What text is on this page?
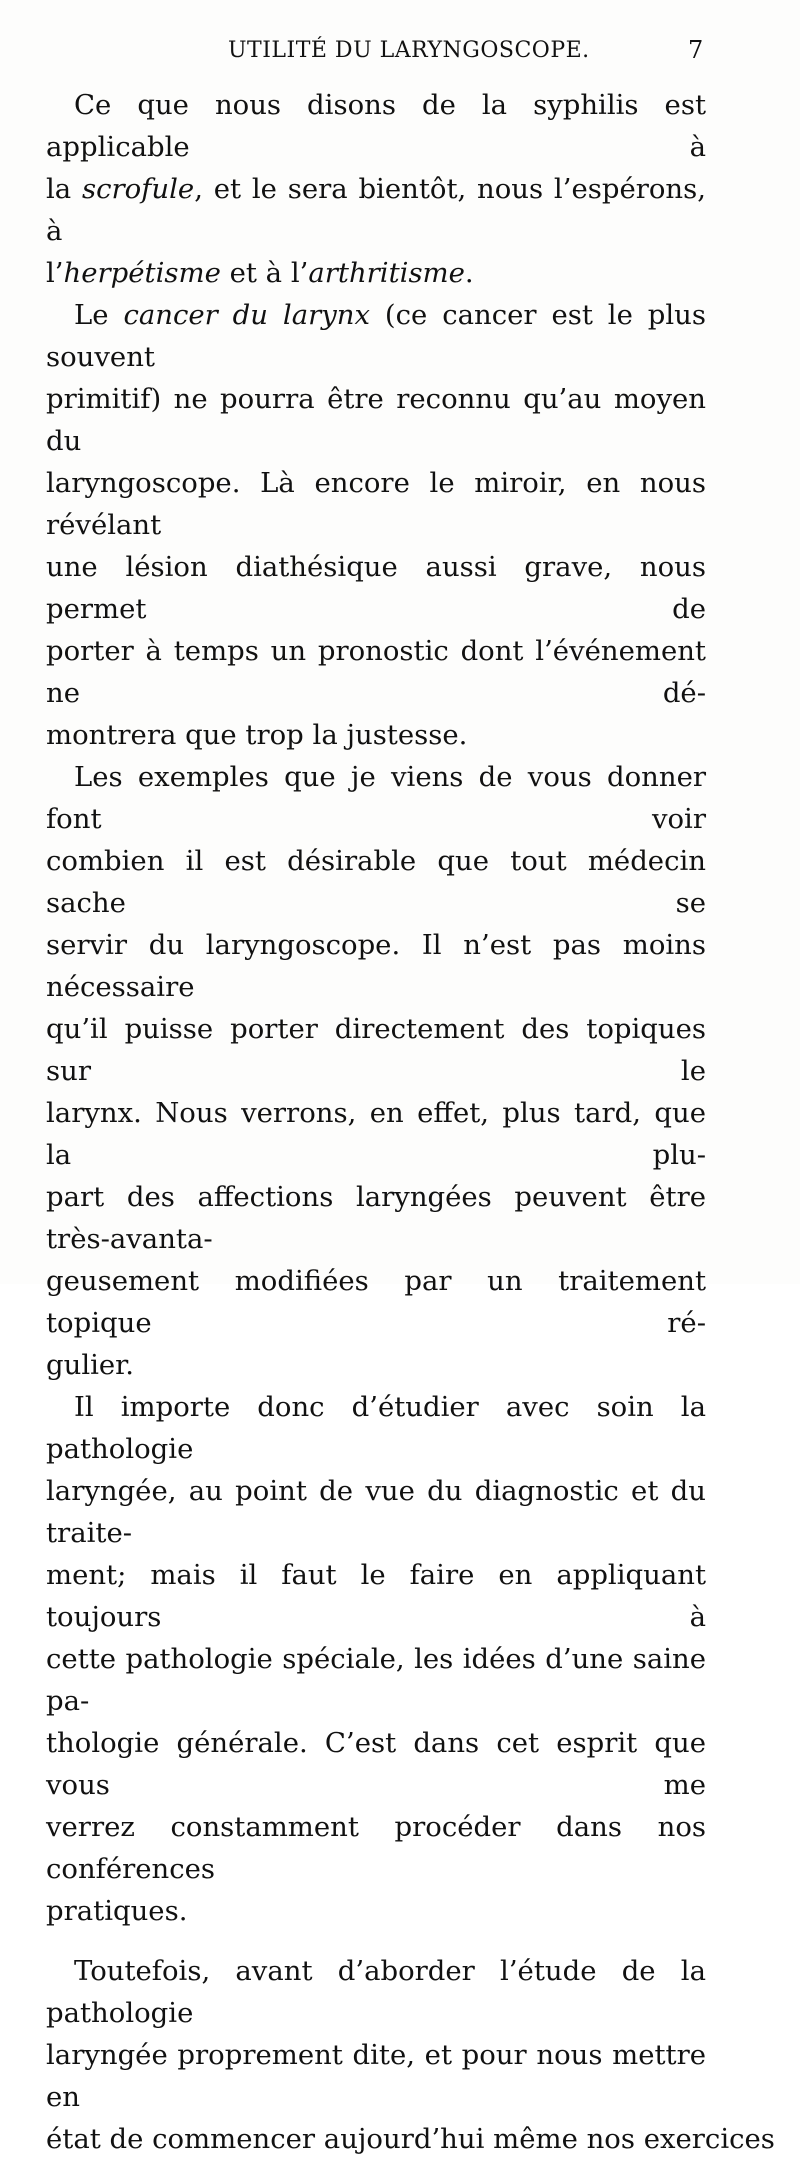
UTILITÉ DU LARYNGOSCOPE.	7
Ce que nous disons de la syphilis est applicable à
la scrofule, et le sera bientôt, nous l’espérons, à
l’herpétisme et à l’arthritisme.
Le cancer du larynx (ce cancer est le plus souvent
primitif) ne pourra être reconnu qu’au moyen du
laryngoscope. Là encore le miroir, en nous révélant
une lésion diathésique aussi grave, nous permet de
porter à temps un pronostic dont l’événement ne dé-
montrera que trop la justesse.
Les exemples que je viens de vous donner font voir
combien il est désirable que tout médecin sache se
servir du laryngoscope. Il n’est pas moins nécessaire
qu’il puisse porter directement des topiques sur le
larynx. Nous verrons, en effet, plus tard, que la plu-
part des affections laryngées peuvent être très-avanta-
geusement modifiées par un traitement topique ré-
gulier.
Il importe donc d’étudier avec soin la pathologie
laryngée, au point de vue du diagnostic et du traite-
ment; mais il faut le faire en appliquant toujours à
cette pathologie spéciale, les idées d’une saine pa-
thologie générale. C’est dans cet esprit que vous me
verrez constamment procéder dans nos conférences
pratiques.
Toutefois, avant d’aborder l’étude de la pathologie
laryngée proprement dite, et pour nous mettre en
état de commencer aujourd’hui même nos exercices
